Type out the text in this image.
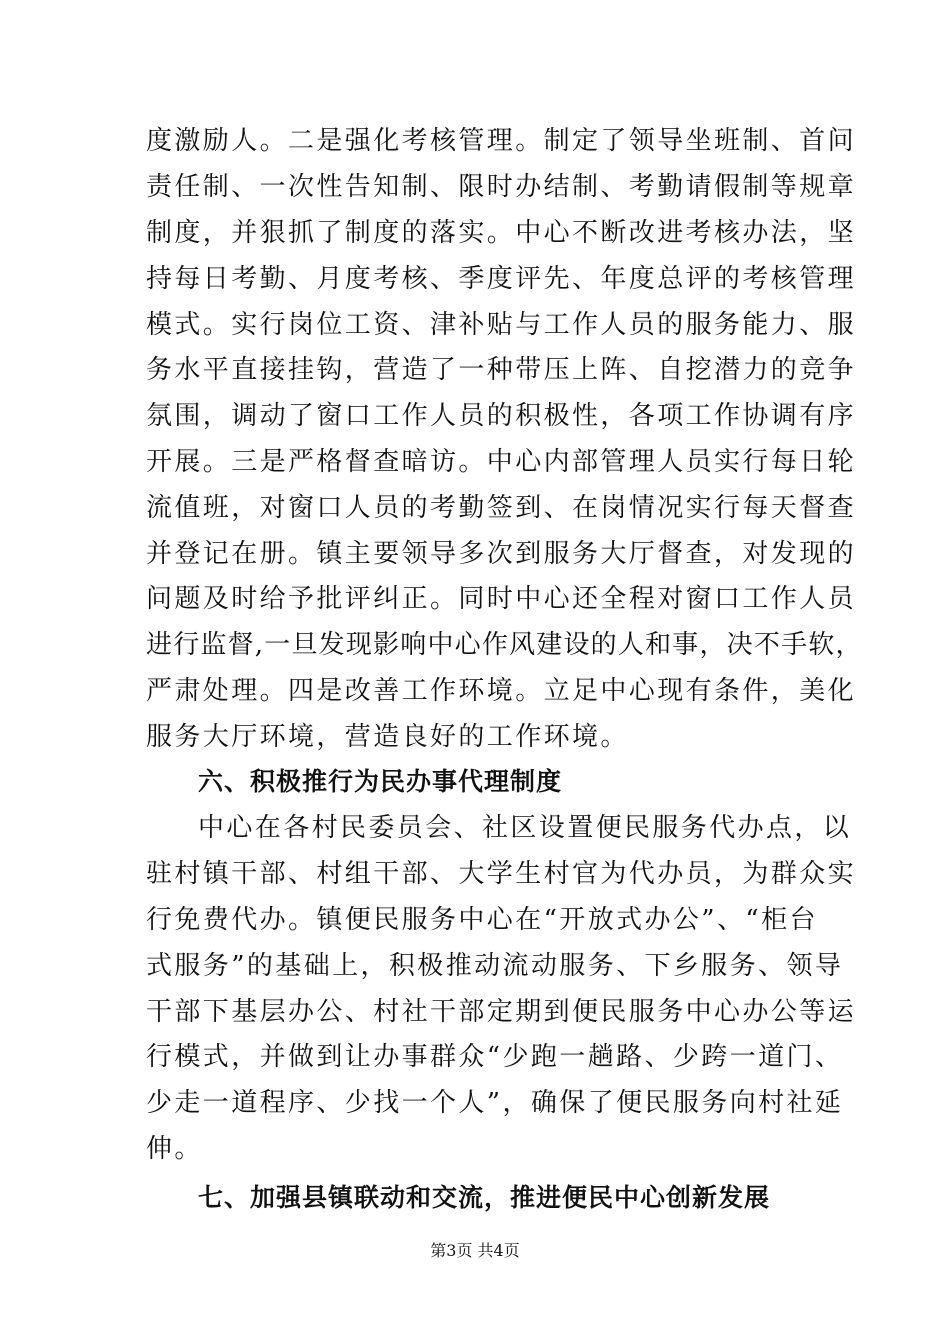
度激励人。二是强化考核管理。制定了领导坐班制、首问
责任制、一次性告知制、限时办结制、考勤请假制等规章
制度，并狠抓了制度的落实。中心不断改进考核办法，坚
持每日考勤、月度考核、季度评先、年度总评的考核管理
模式。实行岗位工资、津补贴与工作人员的服务能力、服
务水平直接挂钩，营造了一种带压上阵、自挖潜力的竞争
氛围，调动了窗口工作人员的积极性，各项工作协调有序
开展。三是严格督查暗访。中心内部管理人员实行每日轮
流值班，对窗口人员的考勤签到、在岗情况实行每天督查
并登记在册。镇主要领导多次到服务大厅督查，对发现的
问题及时给予批评纠正。同时中心还全程对窗口工作人员
进行监督,一旦发现影响中心作风建设的人和事，决不手软，
严肃处理。四是改善工作环境。立足中心现有条件，美化
服务大厅环境，营造良好的工作环境。
六、积极推行为民办事代理制度
中心在各村民委员会、社区设置便民服务代办点，以
驻村镇干部、村组干部、大学生村官为代办员，为群众实
行免费代办。镇便民服务中心在“开放式办公”、“柜台
式服务”的基础上，积极推动流动服务、下乡服务、领导
干部下基层办公、村社干部定期到便民服务中心办公等运
行模式，并做到让办事群众“少跑一趟路、少跨一道门、
少走一道程序、少找一个人”，确保了便民服务向村社延
伸。
七、加强县镇联动和交流，推进便民中心创新发展
第3页 共4页
